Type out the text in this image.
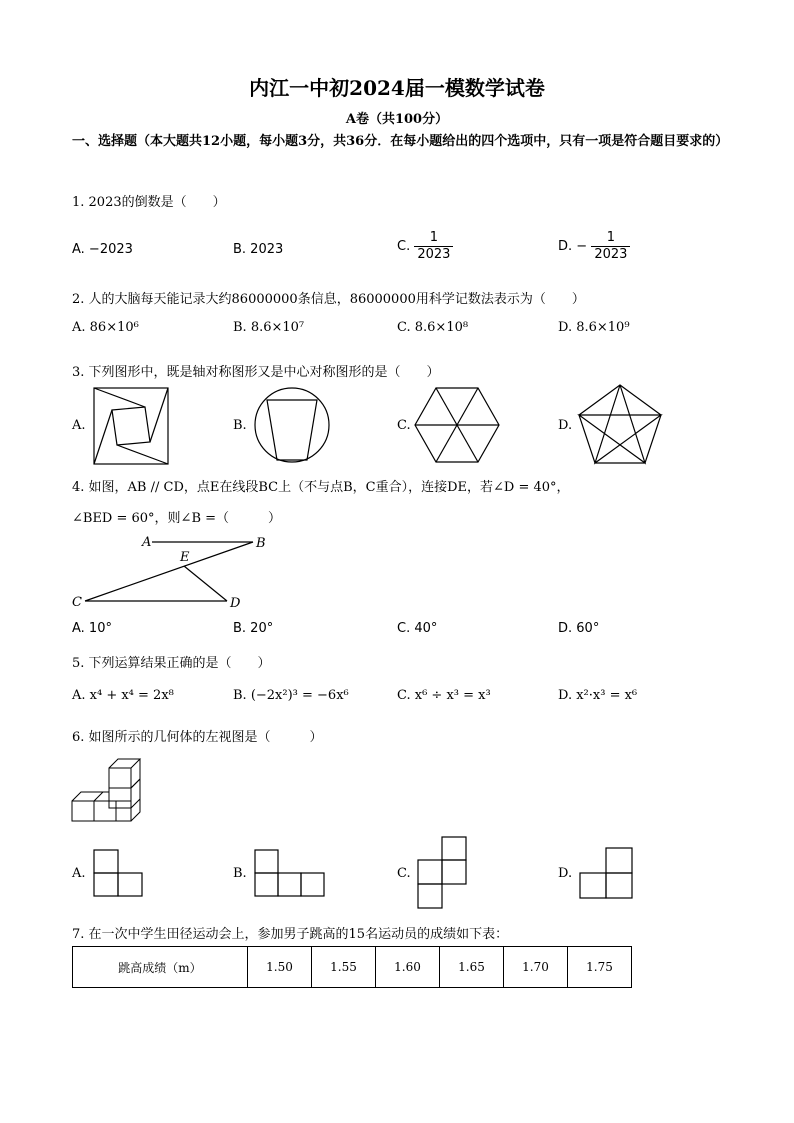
内江一中初2024届一模数学试卷
A卷（共100分）
一、选择题（本大题共12小题，每小题3分，共36分．在每小题给出的四个选项中，只有一项是符合题目要求的）
1. 2023的倒数是（　　）
A. −2023	B. 2023	C. $\frac{1}{2023}$	D. − $\frac{1}{2023}$
2. 人的大脑每天能记录大约86000000条信息，86000000用科学记数法表示为（　　）
A. 86×10⁶	B. 8.6×10⁷	C. 8.6×10⁸	D. 8.6×10⁹
3. 下列图形中，既是轴对称图形又是中心对称图形的是（　　）
A.	B.	C.	D.
4. 如图，AB // CD，点E在线段BC上（不与点B，C重合），连接DE，若∠D = 40°，
∠BED = 60°，则∠B =（　　　）
A	B
E
C	D
A. 10°	B. 20°	C. 40°	D. 60°
5. 下列运算结果正确的是（　　）
A. x⁴ + x⁴ = 2x⁸	B. (−2x²)³ = −6x⁶	C. x⁶ ÷ x³ = x³	D. x²·x³ = x⁶
6. 如图所示的几何体的左视图是（　　　）
A.	B.	C.	D.
7. 在一次中学生田径运动会上，参加男子跳高的15名运动员的成绩如下表：
跳高成绩（m）	1.50	1.55	1.60	1.65	1.70	1.75
